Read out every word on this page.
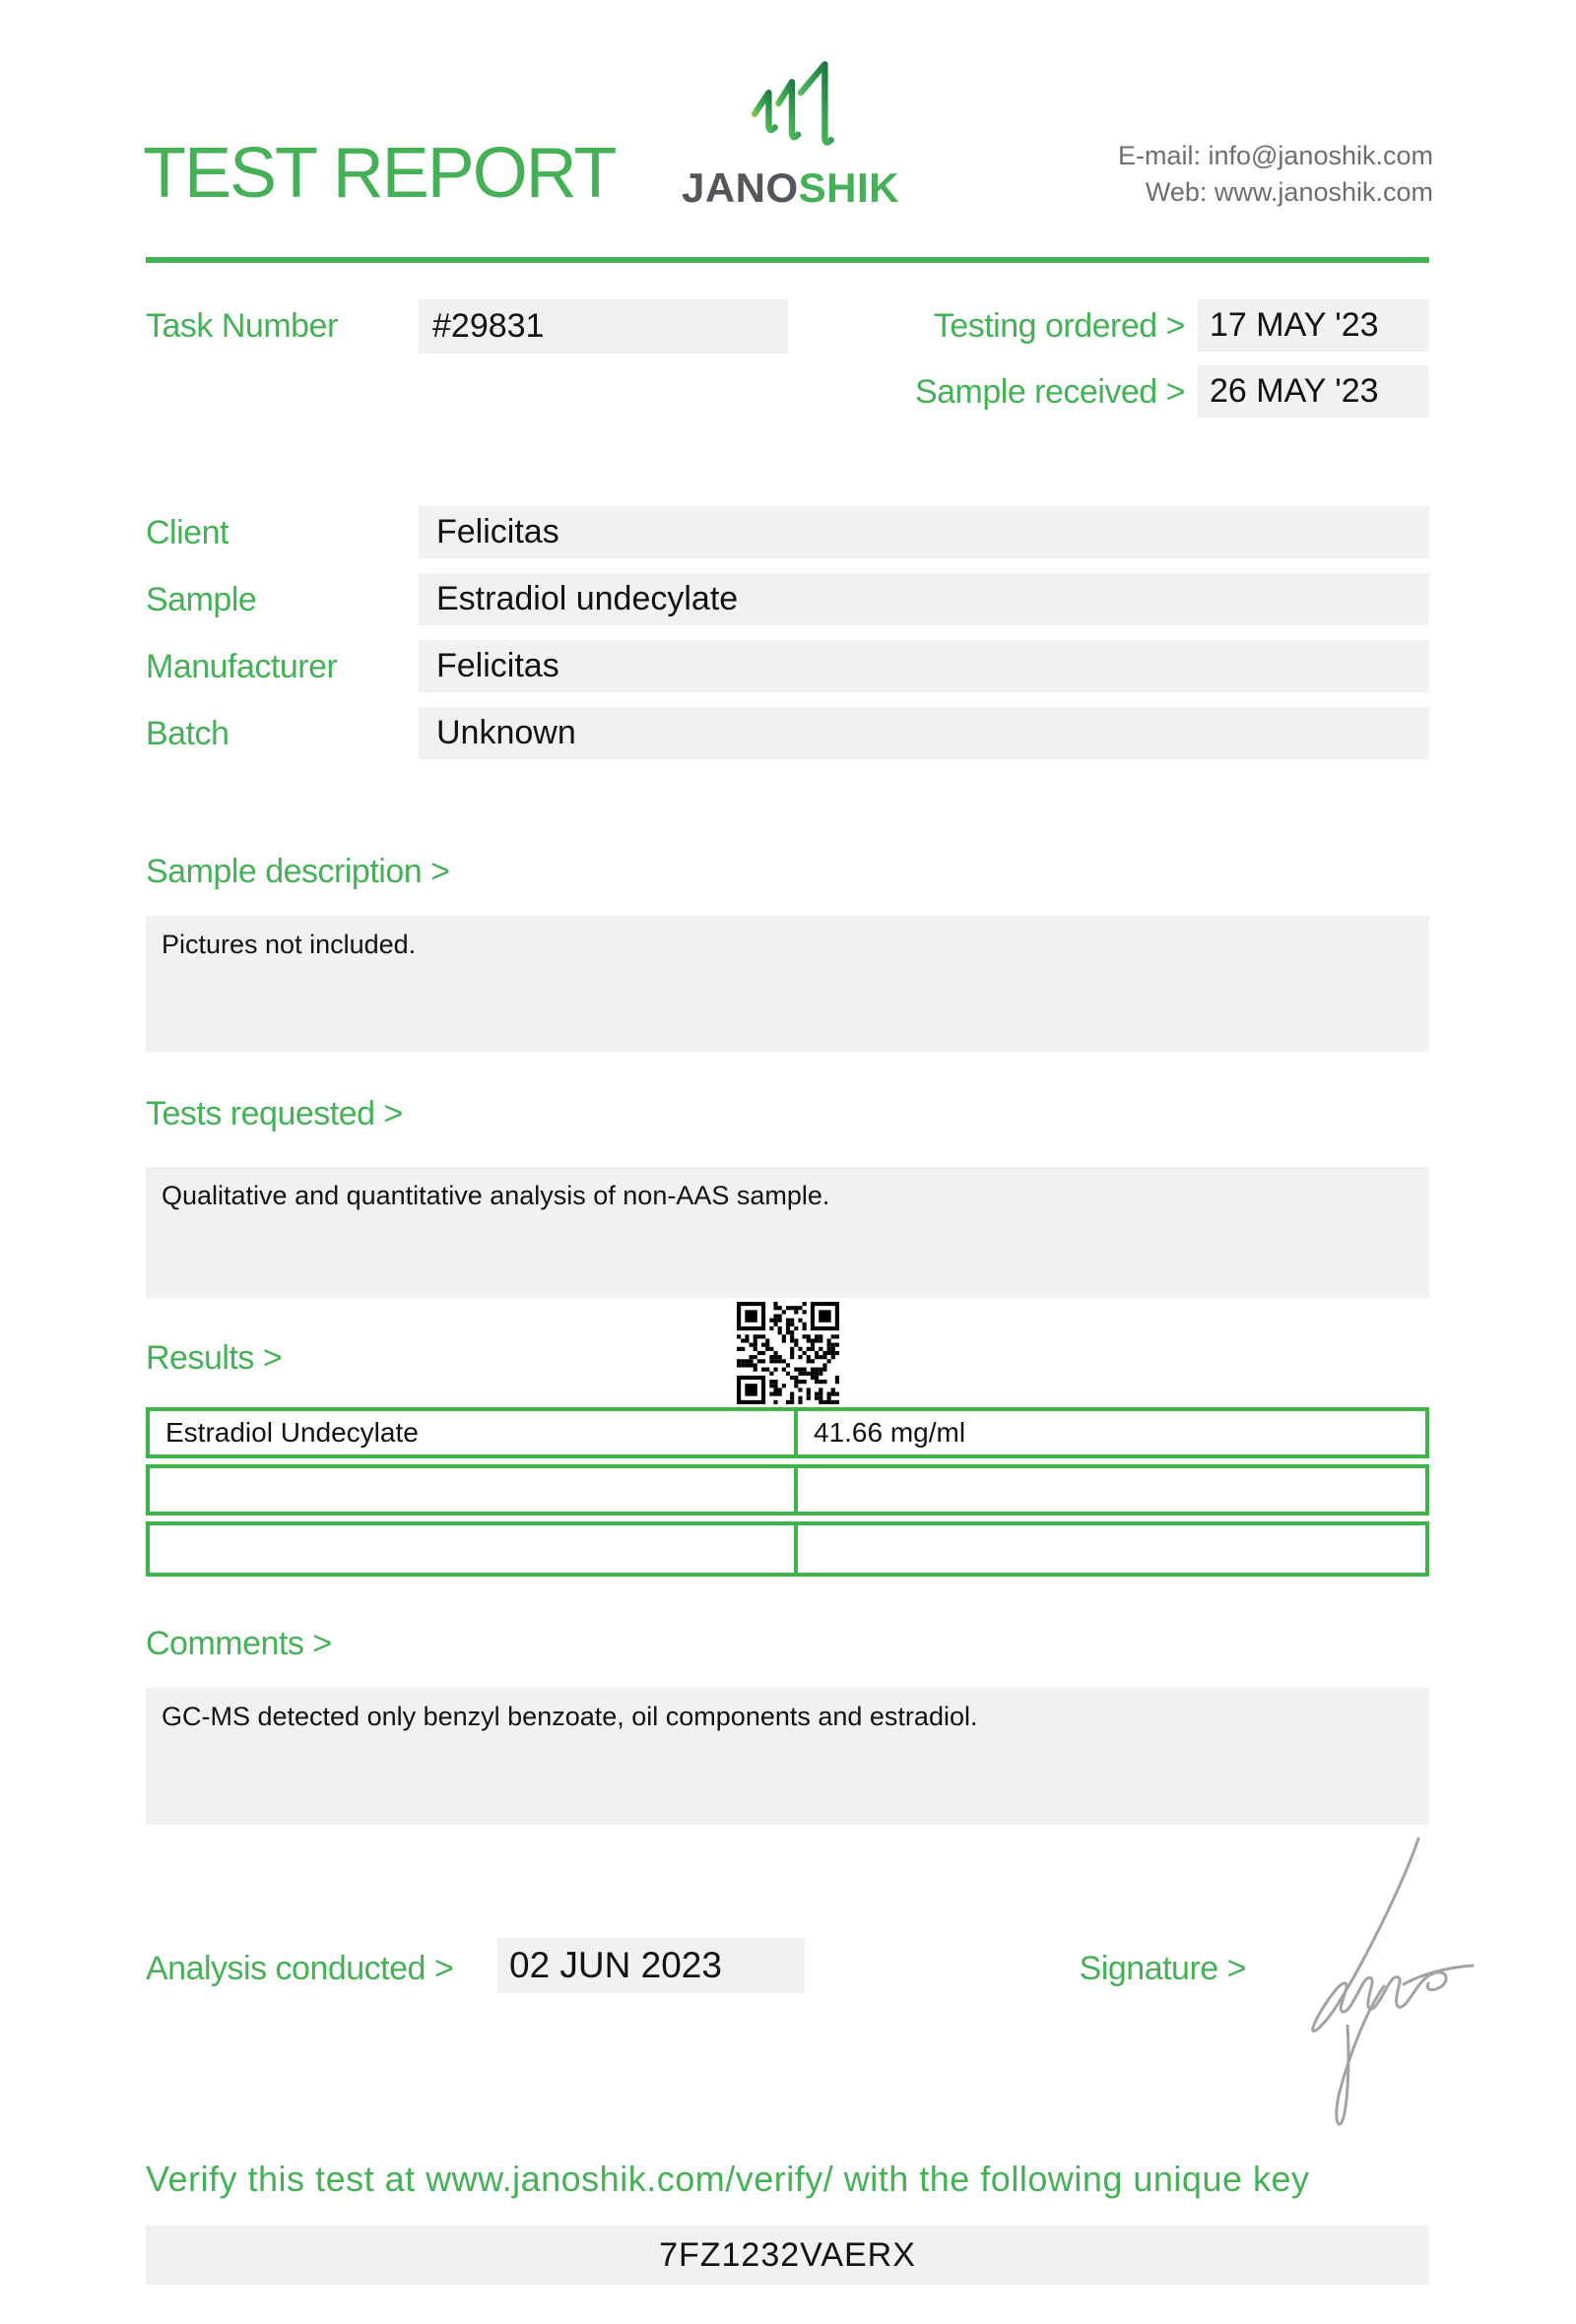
TEST REPORT JANOSHIK
E-mail: info@janoshik.com
Web: www.janoshik.com
Task Number	#29831	Testing ordered > 17 MAY '23
Sample received > 26 MAY '23
Client	Felicitas
Sample	Estradiol undecylate
Manufacturer	Felicitas
Batch	Unknown
Sample description >
Pictures not included.
Tests requested >
Qualitative and quantitative analysis of non-AAS sample.
Results >
Estradiol Undecylate	41.66 mg/ml
Comments >
GC-MS detected only benzyl benzoate, oil components and estradiol.
Analysis conducted >	02 JUN 2023	Signature >
Verify this test at www.janoshik.com/verify/ with the following unique key
7FZ1232VAERX
